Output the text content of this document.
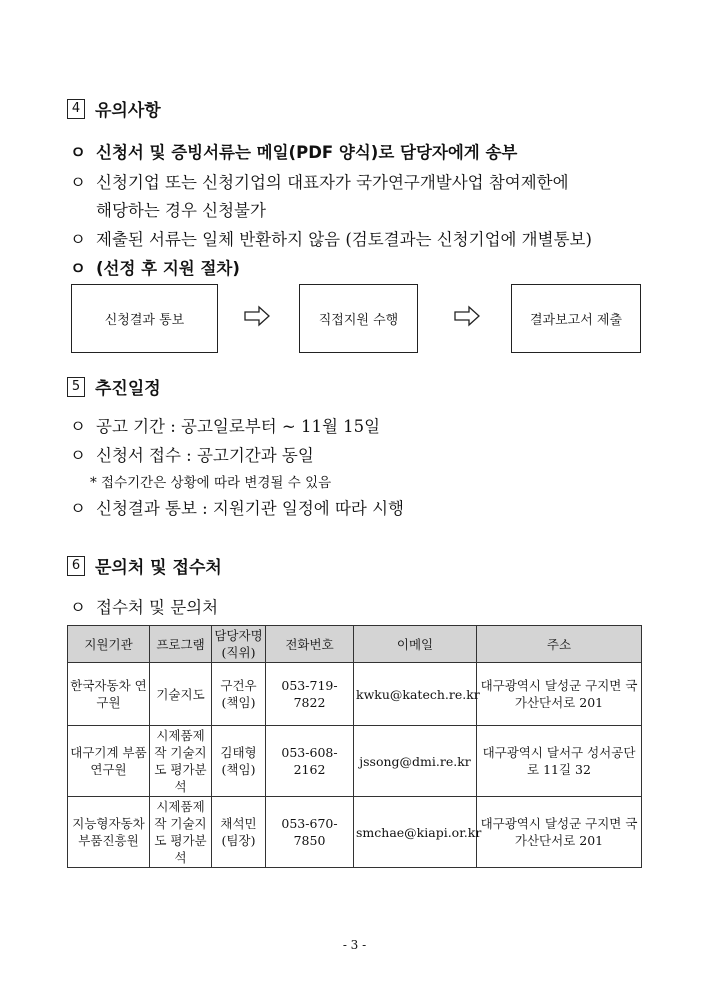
4 유의사항
ㅇ 신청서 및 증빙서류는 메일(PDF 양식)로 담당자에게 송부
ㅇ 신청기업 또는 신청기업의 대표자가 국가연구개발사업 참여제한에
해당하는 경우 신청불가
ㅇ 제출된 서류는 일체 반환하지 않음 (검토결과는 신청기업에 개별통보)
ㅇ (선정 후 지원 절차)
신청결과 통보	직접지원 수행	결과보고서 제출
5 추진일정
ㅇ 공고 기간 : 공고일로부터 ~ 11월 15일
ㅇ 신청서 접수 : 공고기간과 동일
* 접수기간은 상황에 따라 변경될 수 있음
ㅇ 신청결과 통보 : 지원기관 일정에 따라 시행
6 문의처 및 접수처
ㅇ 접수처 및 문의처
지원기관	프로그램	담당자명 (직위)	전화번호	이메일	주소
한국자동차 연구원	기술지도	구건우 (책임)	053-719-7822	kwku@katech.re.kr	대구광역시 달성군 구지면 국가산단서로 201
대구기계 부품연구원	시제품제작 기술지도 평가분석	김태형 (책임)	053-608-2162	jssong@dmi.re.kr	대구광역시 달서구 성서공단로 11길 32
지능형자동차 부품진흥원	시제품제작 기술지도 평가분석	채석민 (팀장)	053-670-7850	smchae@kiapi.or.kr	대구광역시 달성군 구지면 국가산단서로 201
- 3 -
